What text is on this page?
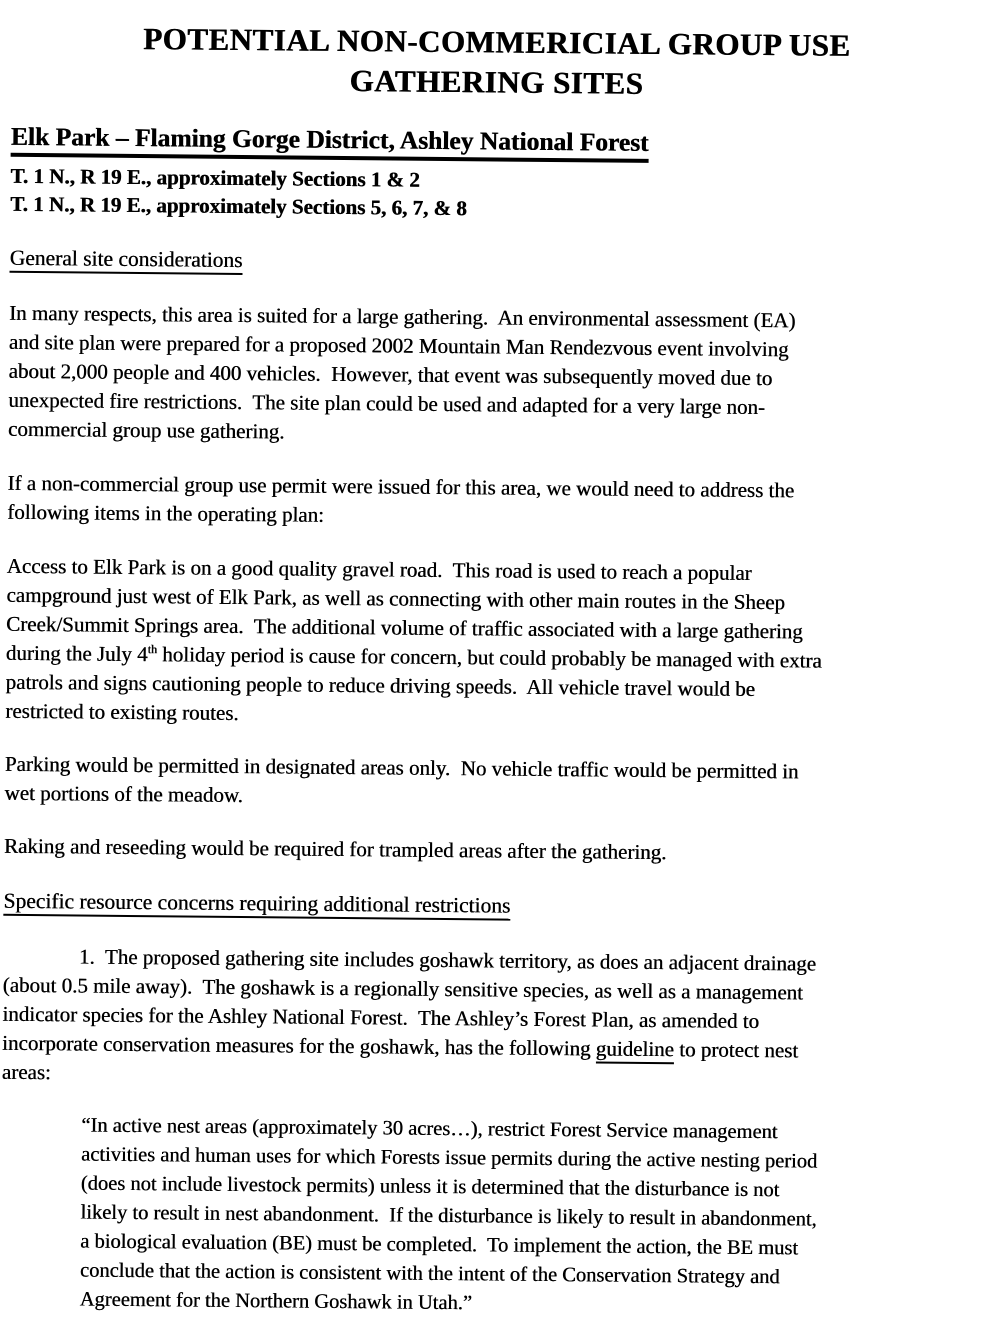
POTENTIAL NON-COMMERICIAL GROUP USE
GATHERING SITES
Elk Park – Flaming Gorge District, Ashley National Forest
T. 1 N., R 19 E., approximately Sections 1 & 2
T. 1 N., R 19 E., approximately Sections 5, 6, 7, & 8
General site considerations

In many respects, this area is suited for a large gathering.  An environmental assessment (EA)
and site plan were prepared for a proposed 2002 Mountain Man Rendezvous event involving
about 2,000 people and 400 vehicles.  However, that event was subsequently moved due to
unexpected fire restrictions.  The site plan could be used and adapted for a very large non-
commercial group use gathering.

If a non-commercial group use permit were issued for this area, we would need to address the
following items in the operating plan:

Access to Elk Park is on a good quality gravel road.  This road is used to reach a popular
campground just west of Elk Park, as well as connecting with other main routes in the Sheep
Creek/Summit Springs area.  The additional volume of traffic associated with a large gathering
during the July 4th holiday period is cause for concern, but could probably be managed with extra
patrols and signs cautioning people to reduce driving speeds.  All vehicle travel would be
restricted to existing routes.

Parking would be permitted in designated areas only.  No vehicle traffic would be permitted in
wet portions of the meadow.

Raking and reseeding would be required for trampled areas after the gathering.

Specific resource concerns requiring additional restrictions

1.  The proposed gathering site includes goshawk territory, as does an adjacent drainage
(about 0.5 mile away).  The goshawk is a regionally sensitive species, as well as a management
indicator species for the Ashley National Forest.  The Ashley’s Forest Plan, as amended to
incorporate conservation measures for the goshawk, has the following guideline to protect nest
areas:

“In active nest areas (approximately 30 acres…), restrict Forest Service management
activities and human uses for which Forests issue permits during the active nesting period
(does not include livestock permits) unless it is determined that the disturbance is not
likely to result in nest abandonment.  If the disturbance is likely to result in abandonment,
a biological evaluation (BE) must be completed.  To implement the action, the BE must
conclude that the action is consistent with the intent of the Conservation Strategy and
Agreement for the Northern Goshawk in Utah.”
